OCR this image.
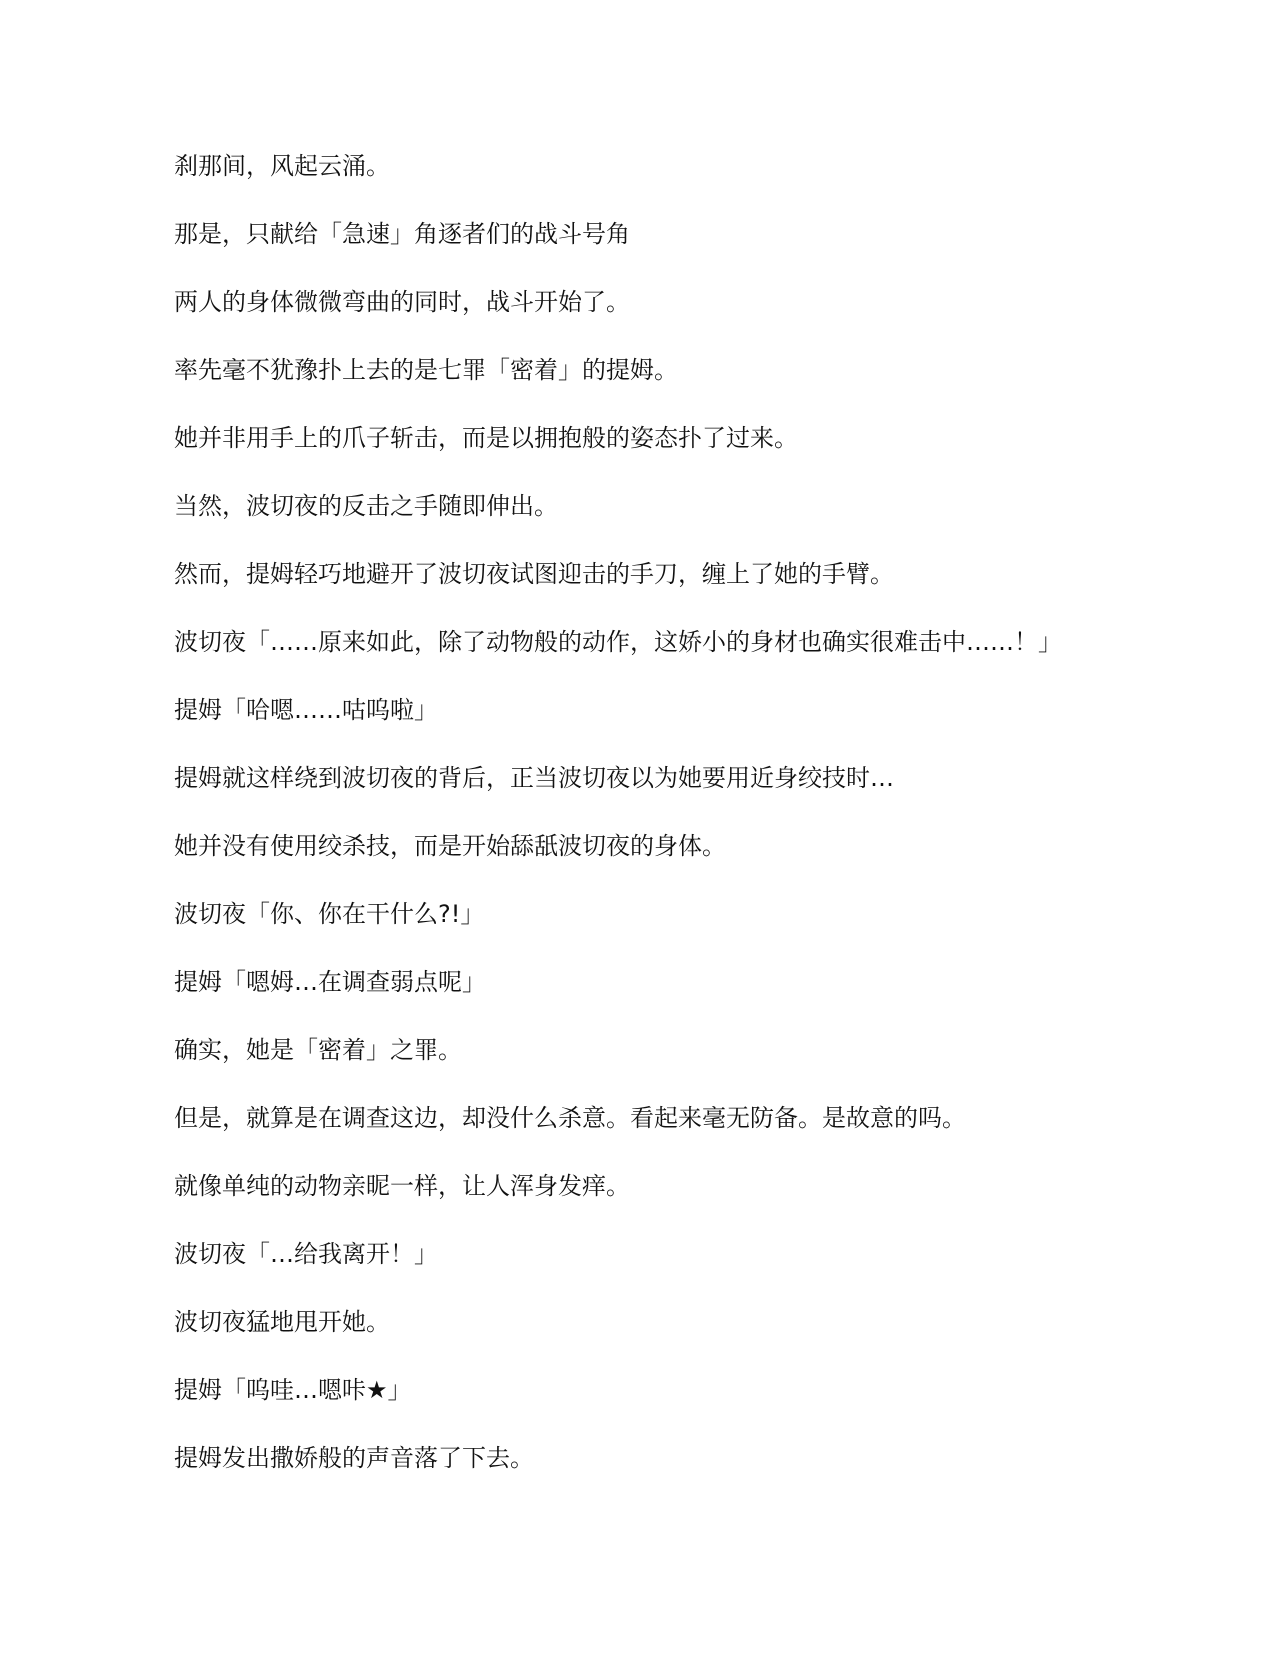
刹那间，风起云涌。
那是，只献给「急速」角逐者们的战斗号角
两人的身体微微弯曲的同时，战斗开始了。
率先毫不犹豫扑上去的是七罪「密着」的提姆。
她并非用手上的爪子斩击，而是以拥抱般的姿态扑了过来。
当然，波切夜的反击之手随即伸出。
然而，提姆轻巧地避开了波切夜试图迎击的手刀，缠上了她的手臂。
波切夜「……原来如此，除了动物般的动作，这娇小的身材也确实很难击中……！」
提姆「哈嗯……咕呜啦」
提姆就这样绕到波切夜的背后，正当波切夜以为她要用近身绞技时…
她并没有使用绞杀技，而是开始舔舐波切夜的身体。
波切夜「你、你在干什么?!」
提姆「嗯姆…在调查弱点呢」
确实，她是「密着」之罪。
但是，就算是在调查这边，却没什么杀意。看起来毫无防备。是故意的吗。
就像单纯的动物亲昵一样，让人浑身发痒。
波切夜「…给我离开！」
波切夜猛地甩开她。
提姆「呜哇…嗯咔★」
提姆发出撒娇般的声音落了下去。
